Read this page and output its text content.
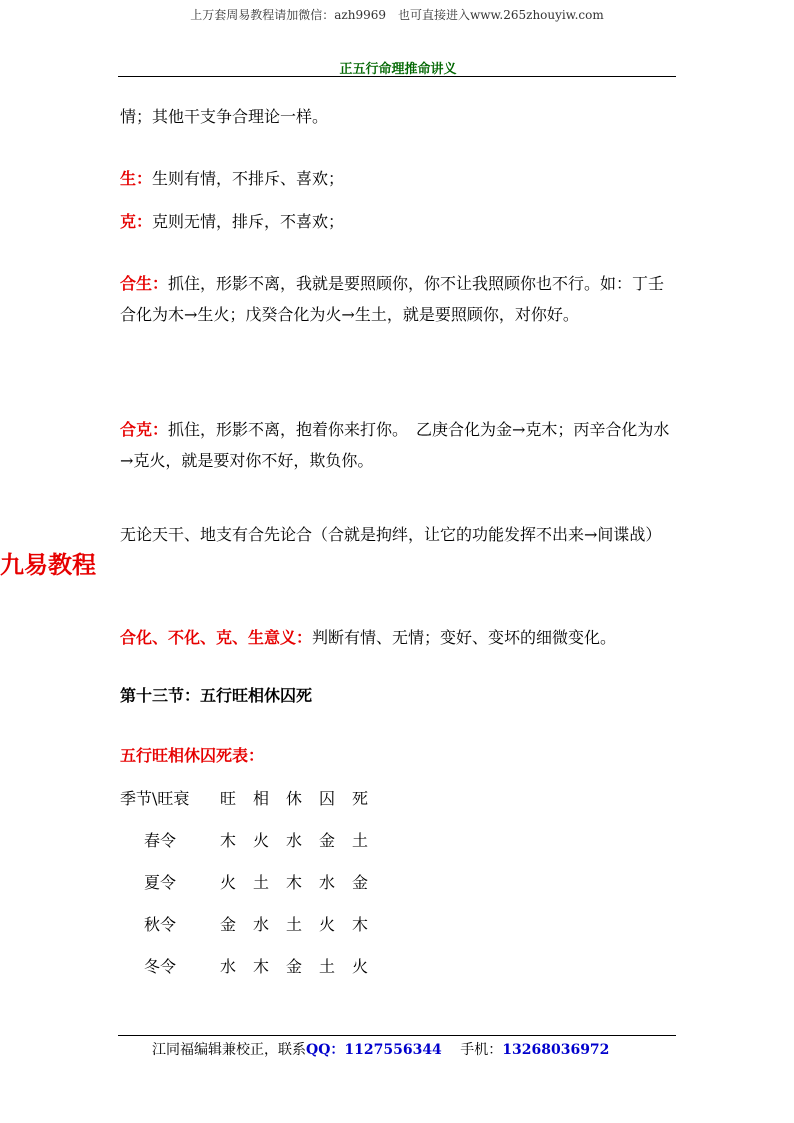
上万套周易教程请加微信：azh9969　也可直接进入www.265zhouyiw.com
正五行命理推命讲义

情；其他干支争合理论一样。

生：生则有情，不排斥、喜欢；

克：克则无情，排斥，不喜欢；

合生：抓住，形影不离，我就是要照顾你，你不让我照顾你也不行。如：丁壬合化为木→生火；戊癸合化为火→生土，就是要照顾你，对你好。

合克：抓住，形影不离，抱着你来打你。　乙庚合化为金→克木；丙辛合化为水→克火，就是要对你不好，欺负你。

无论天干、地支有合先论合（合就是拘绊，让它的功能发挥不出来→间谍战）

九易教程

合化、不化、克、生意义：判断有情、无情；变好、变坏的细微变化。

第十三节：五行旺相休囚死

五行旺相休囚死表：

季节\旺衰 旺 相 休 囚 死
春令	木 火 水 金 土
夏令	火 土 木 水 金
秋令	金 水 土 火 木
冬令	水 木 金 土 火
江同福编辑兼校正，联系QQ：1127556344 手机：13268036972
